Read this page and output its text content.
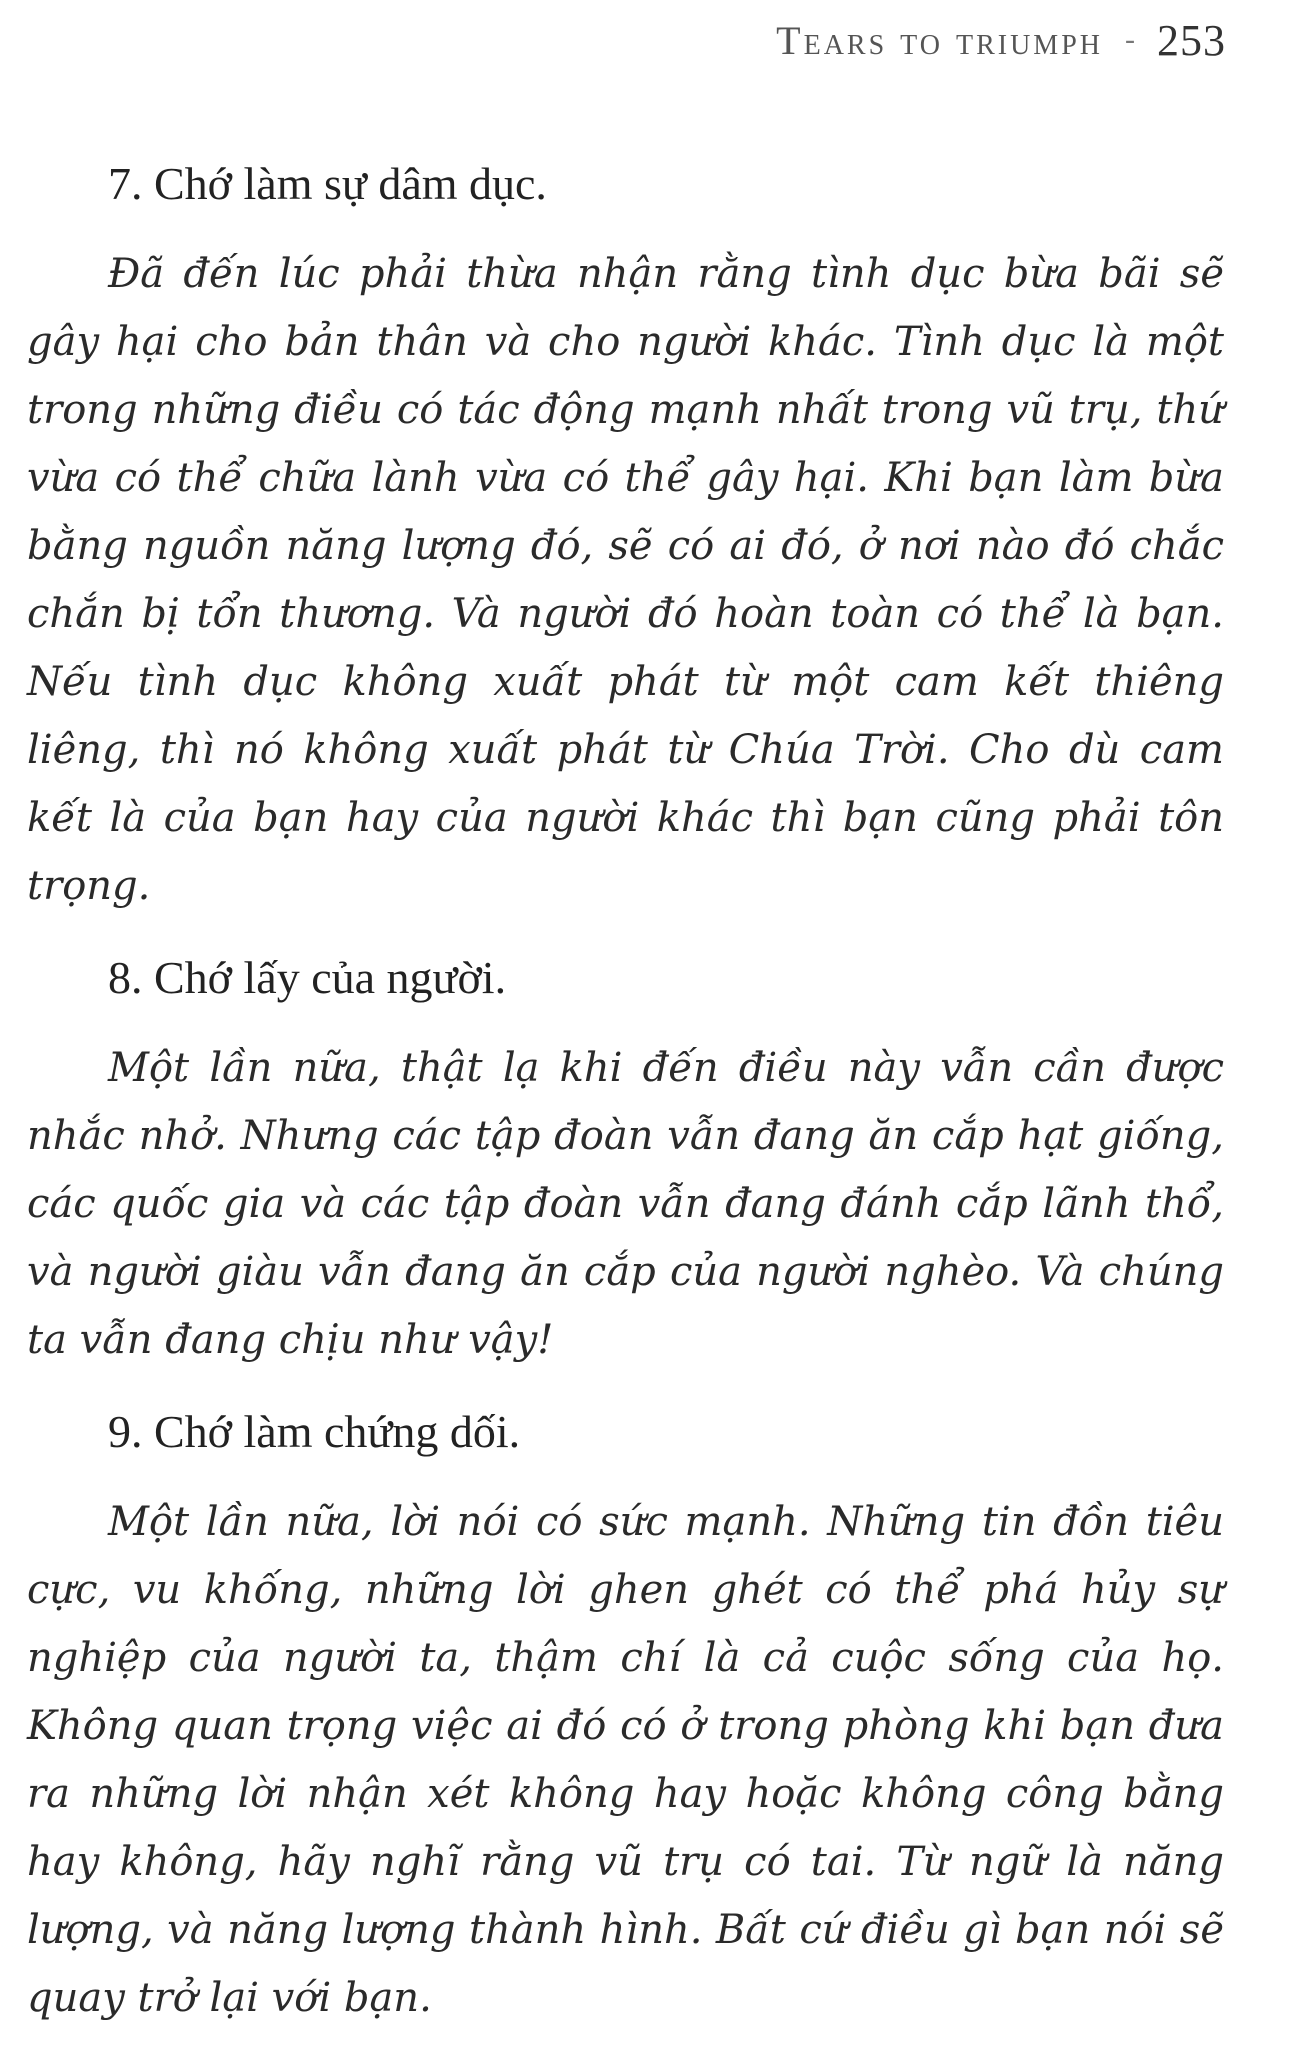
Tears to triumph - 253

7. Chớ làm sự dâm dục.

Đã đến lúc phải thừa nhận rằng tình dục bừa bãi sẽ gây hại cho bản thân và cho người khác. Tình dục là một trong những điều có tác động mạnh nhất trong vũ trụ, thứ vừa có thể chữa lành vừa có thể gây hại. Khi bạn làm bừa bằng nguồn năng lượng đó, sẽ có ai đó, ở nơi nào đó chắc chắn bị tổn thương. Và người đó hoàn toàn có thể là bạn. Nếu tình dục không xuất phát từ một cam kết thiêng liêng, thì nó không xuất phát từ Chúa Trời. Cho dù cam kết là của bạn hay của người khác thì bạn cũng phải tôn trọng.

8. Chớ lấy của người.

Một lần nữa, thật lạ khi đến điều này vẫn cần được nhắc nhở. Nhưng các tập đoàn vẫn đang ăn cắp hạt giống, các quốc gia và các tập đoàn vẫn đang đánh cắp lãnh thổ, và người giàu vẫn đang ăn cắp của người nghèo. Và chúng ta vẫn đang chịu như vậy!

9. Chớ làm chứng dối.

Một lần nữa, lời nói có sức mạnh. Những tin đồn tiêu cực, vu khống, những lời ghen ghét có thể phá hủy sự nghiệp của người ta, thậm chí là cả cuộc sống của họ. Không quan trọng việc ai đó có ở trong phòng khi bạn đưa ra những lời nhận xét không hay hoặc không công bằng hay không, hãy nghĩ rằng vũ trụ có tai. Từ ngữ là năng lượng, và năng lượng thành hình. Bất cứ điều gì bạn nói sẽ quay trở lại với bạn.
